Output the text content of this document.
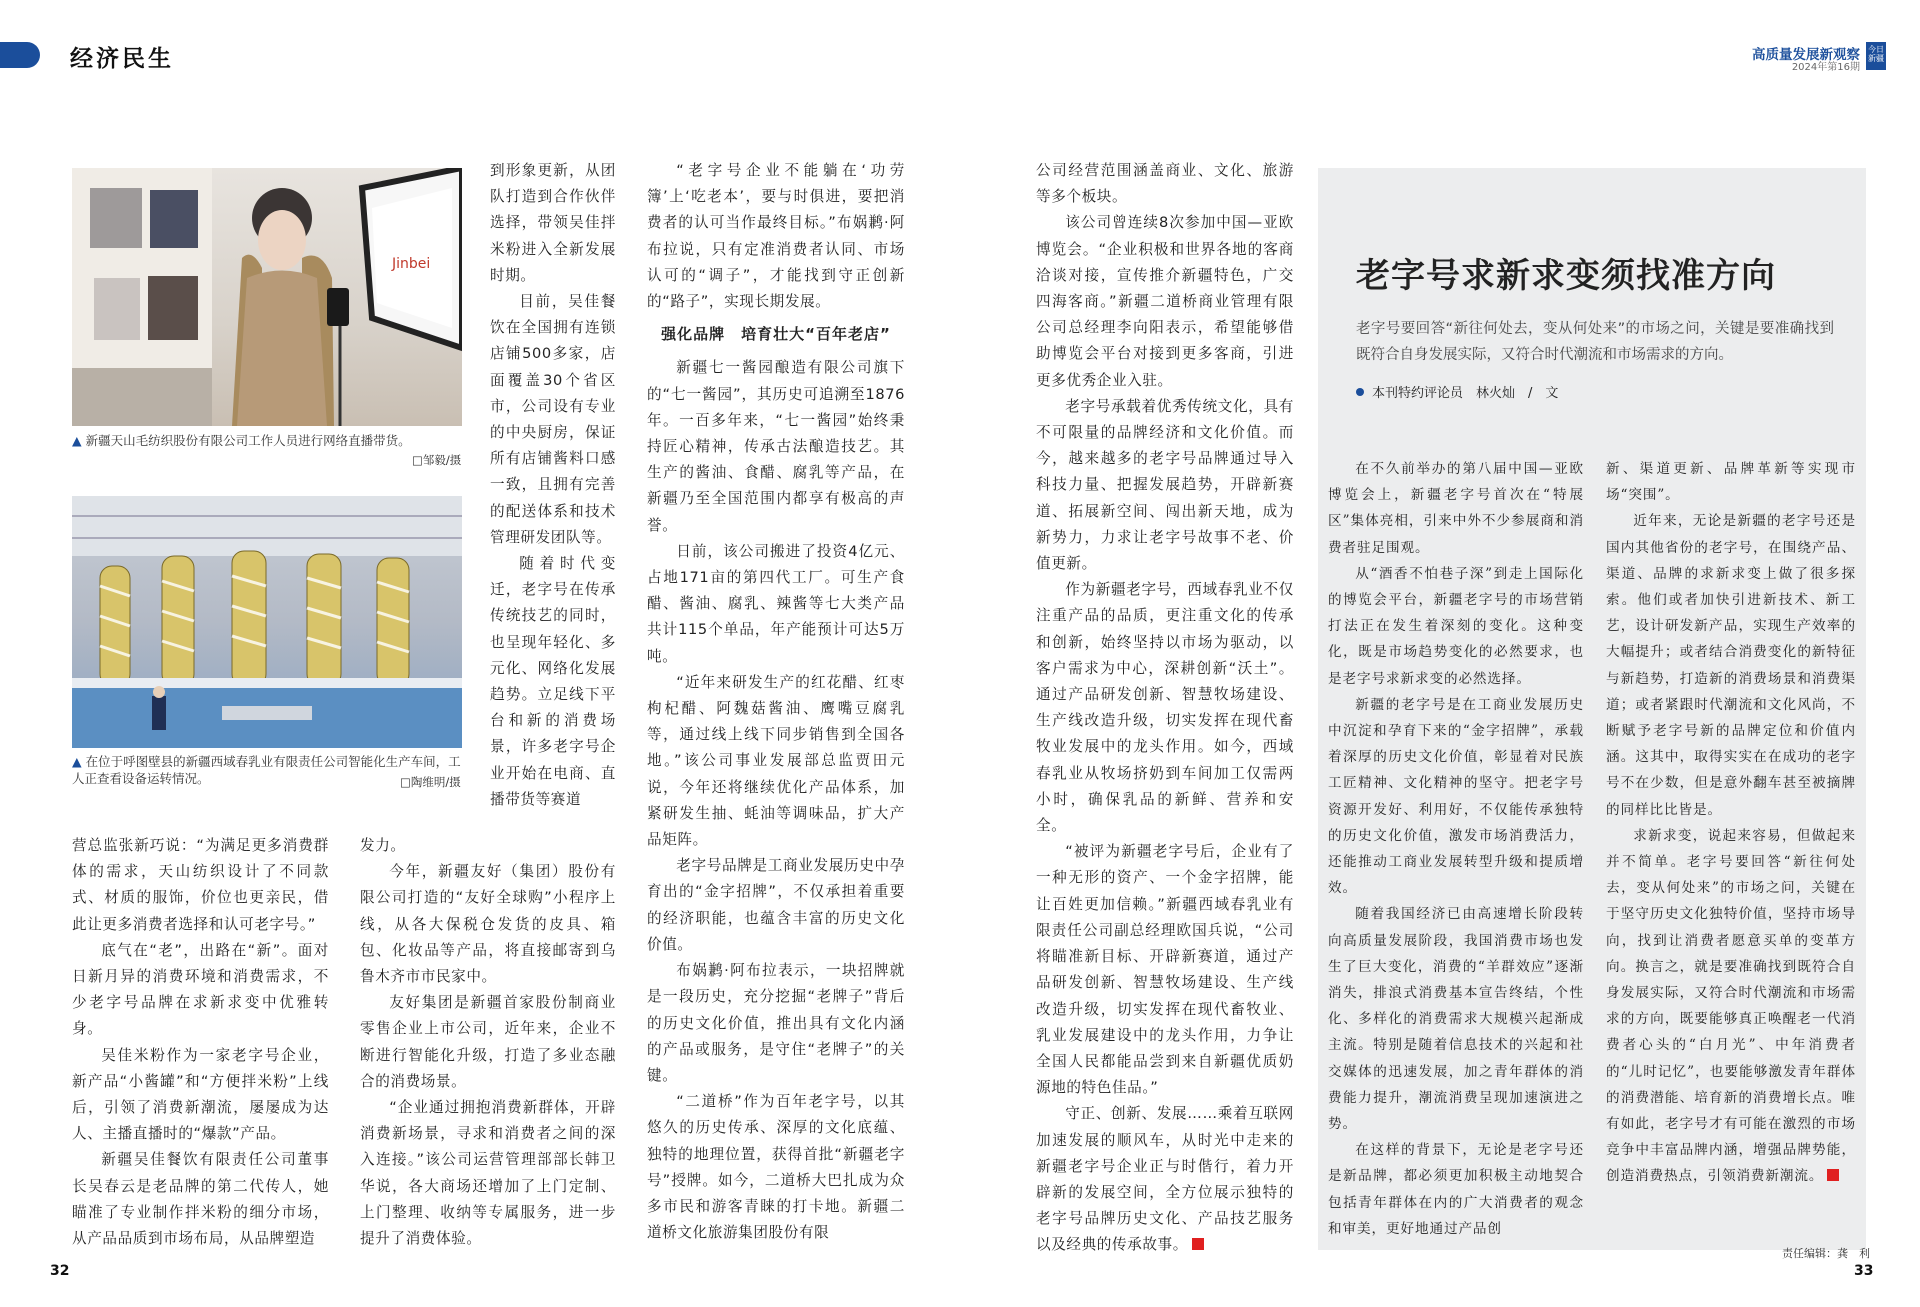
经济民生	高质量发展新观察
2024年第16期
今日新疆
Jinbei
▲ 新疆天山毛纺织股份有限公司工作人员进行网络直播带货。
□邹毅/摄
▲ 在位于呼图壁县的新疆西域春乳业有限责任公司智能化生产车间，工人正查看设备运转情况。	□陶维明/摄

到形象更新，从团队打造到合作伙伴选择，带领吴佳拌米粉进入全新发展时期。

目前，吴佳餐饮在全国拥有连锁店铺500多家，店面覆盖30个省区市，公司设有专业的中央厨房，保证所有店铺酱料口感一致，且拥有完善的配送体系和技术管理研发团队等。

随着时代变迁，老字号在传承传统技艺的同时，也呈现年轻化、多元化、网络化发展趋势。立足线下平台和新的消费场景，许多老字号企业开始在电商、直播带货等赛道

“老字号企业不能躺在‘功劳簿’上‘吃老本’，要与时俱进，要把消费者的认可当作最终目标。”布娲鹣·阿布拉说，只有定准消费者认同、市场认可的“调子”，才能找到守正创新的“路子”，实现长期发展。

强化品牌　培育壮大“百年老店”

新疆七一酱园酿造有限公司旗下的“七一酱园”，其历史可追溯至1876年。一百多年来，“七一酱园”始终秉持匠心精神，传承古法酿造技艺。其生产的酱油、食醋、腐乳等产品，在新疆乃至全国范围内都享有极高的声誉。

日前，该公司搬进了投资4亿元、占地171亩的第四代工厂。可生产食醋、酱油、腐乳、辣酱等七大类产品共计115个单品，年产能预计可达5万吨。

“近年来研发生产的红花醋、红枣枸杞醋、阿魏菇酱油、鹰嘴豆腐乳等，通过线上线下同步销售到全国各地。”该公司事业发展部总监贾田元说，今年还将继续优化产品体系，加紧研发生抽、蚝油等调味品，扩大产品矩阵。

老字号品牌是工商业发展历史中孕育出的“金字招牌”，不仅承担着重要的经济职能，也蕴含丰富的历史文化价值。

布娲鹣·阿布拉表示，一块招牌就是一段历史，充分挖掘“老牌子”背后的历史文化价值，推出具有文化内涵的产品或服务，是守住“老牌子”的关键。

“二道桥”作为百年老字号，以其悠久的历史传承、深厚的文化底蕴、独特的地理位置，获得首批“新疆老字号”授牌。如今，二道桥大巴扎成为众多市民和游客青睐的打卡地。新疆二道桥文化旅游集团股份有限

营总监张新巧说：“为满足更多消费群体的需求，天山纺织设计了不同款式、材质的服饰，价位也更亲民，借此让更多消费者选择和认可老字号。”

底气在“老”，出路在“新”。面对日新月异的消费环境和消费需求，不少老字号品牌在求新求变中优雅转身。

吴佳米粉作为一家老字号企业，新产品“小酱罐”和“方便拌米粉”上线后，引领了消费新潮流，屡屡成为达人、主播直播时的“爆款”产品。

新疆吴佳餐饮有限责任公司董事长吴春云是老品牌的第二代传人，她瞄准了专业制作拌米粉的细分市场，从产品品质到市场布局，从品牌塑造

发力。

今年，新疆友好（集团）股份有限公司打造的“友好全球购”小程序上线，从各大保税仓发货的皮具、箱包、化妆品等产品，将直接邮寄到乌鲁木齐市市民家中。

友好集团是新疆首家股份制商业零售企业上市公司，近年来，企业不断进行智能化升级，打造了多业态融合的消费场景。

“企业通过拥抱消费新群体，开辟消费新场景，寻求和消费者之间的深入连接。”该公司运营管理部部长韩卫华说，各大商场还增加了上门定制、上门整理、收纳等专属服务，进一步提升了消费体验。

公司经营范围涵盖商业、文化、旅游等多个板块。

该公司曾连续8次参加中国—亚欧博览会。“企业积极和世界各地的客商洽谈对接，宣传推介新疆特色，广交四海客商。”新疆二道桥商业管理有限公司总经理李向阳表示，希望能够借助博览会平台对接到更多客商，引进更多优秀企业入驻。

老字号承载着优秀传统文化，具有不可限量的品牌经济和文化价值。而今，越来越多的老字号品牌通过导入科技力量、把握发展趋势，开辟新赛道、拓展新空间、闯出新天地，成为新势力，力求让老字号故事不老、价值更新。

作为新疆老字号，西域春乳业不仅注重产品的品质，更注重文化的传承和创新，始终坚持以市场为驱动，以客户需求为中心，深耕创新“沃土”。通过产品研发创新、智慧牧场建设、生产线改造升级，切实发挥在现代畜牧业发展中的龙头作用。如今，西域春乳业从牧场挤奶到车间加工仅需两小时，确保乳品的新鲜、营养和安全。

“被评为新疆老字号后，企业有了一种无形的资产、一个金字招牌，能让百姓更加信赖。”新疆西域春乳业有限责任公司副总经理欧国兵说，“公司将瞄准新目标、开辟新赛道，通过产品研发创新、智慧牧场建设、生产线改造升级，切实发挥在现代畜牧业、乳业发展建设中的龙头作用，力争让全国人民都能品尝到来自新疆优质奶源地的特色佳品。”

守正、创新、发展……乘着互联网加速发展的顺风车，从时光中走来的新疆老字号企业正与时偕行，着力开辟新的发展空间，全方位展示独特的老字号品牌历史文化、产品技艺服务以及经典的传承故事。

老字号求新求变须找准方向
老字号要回答“新往何处去，变从何处来”的市场之问，关键是要准确找到既符合自身发展实际，又符合时代潮流和市场需求的方向。
本刊特约评论员　林火灿　/　文

在不久前举办的第八届中国—亚欧博览会上，新疆老字号首次在“特展区”集体亮相，引来中外不少参展商和消费者驻足围观。

从“酒香不怕巷子深”到走上国际化的博览会平台，新疆老字号的市场营销打法正在发生着深刻的变化。这种变化，既是市场趋势变化的必然要求，也是老字号求新求变的必然选择。

新疆的老字号是在工商业发展历史中沉淀和孕育下来的“金字招牌”，承载着深厚的历史文化价值，彰显着对民族工匠精神、文化精神的坚守。把老字号资源开发好、利用好，不仅能传承独特的历史文化价值，激发市场消费活力，还能推动工商业发展转型升级和提质增效。

随着我国经济已由高速增长阶段转向高质量发展阶段，我国消费市场也发生了巨大变化，消费的“羊群效应”逐渐消失，排浪式消费基本宣告终结，个性化、多样化的消费需求大规模兴起渐成主流。特别是随着信息技术的兴起和社交媒体的迅速发展，加之青年群体的消费能力提升，潮流消费呈现加速演进之势。

在这样的背景下，无论是老字号还是新品牌，都必须更加积极主动地契合包括青年群体在内的广大消费者的观念和审美，更好地通过产品创

新、渠道更新、品牌革新等实现市场“突围”。

近年来，无论是新疆的老字号还是国内其他省份的老字号，在围绕产品、渠道、品牌的求新求变上做了很多探索。他们或者加快引进新技术、新工艺，设计研发新产品，实现生产效率的大幅提升；或者结合消费变化的新特征与新趋势，打造新的消费场景和消费渠道；或者紧跟时代潮流和文化风尚，不断赋予老字号新的品牌定位和价值内涵。这其中，取得实实在在成功的老字号不在少数，但是意外翻车甚至被摘牌的同样比比皆是。

求新求变，说起来容易，但做起来并不简单。老字号要回答“新往何处去，变从何处来”的市场之问，关键在于坚守历史文化独特价值，坚持市场导向，找到让消费者愿意买单的变革方向。换言之，就是要准确找到既符合自身发展实际，又符合时代潮流和市场需求的方向，既要能够真正唤醒老一代消费者心头的“白月光”、中年消费者的“儿时记忆”，也要能够激发青年群体的消费潜能、培育新的消费增长点。唯有如此，老字号才有可能在激烈的市场竞争中丰富品牌内涵，增强品牌势能，创造消费热点，引领消费新潮流。

32
责任编辑：龚　利
33
